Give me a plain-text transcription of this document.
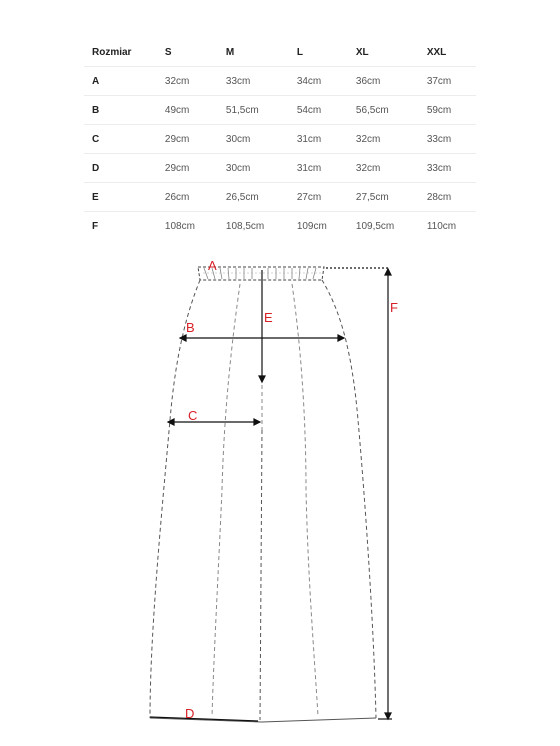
Rozmiar	S	M	L	XL	XXL
A	32cm	33cm	34cm	36cm	37cm
B	49cm	51,5cm	54cm	56,5cm	59cm
C	29cm	30cm	31cm	32cm	33cm
D	29cm	30cm	31cm	32cm	33cm
E	26cm	26,5cm	27cm	27,5cm	28cm
F	108cm	108,5cm	109cm	109,5cm	110cm
A
B
C
D
E
F
